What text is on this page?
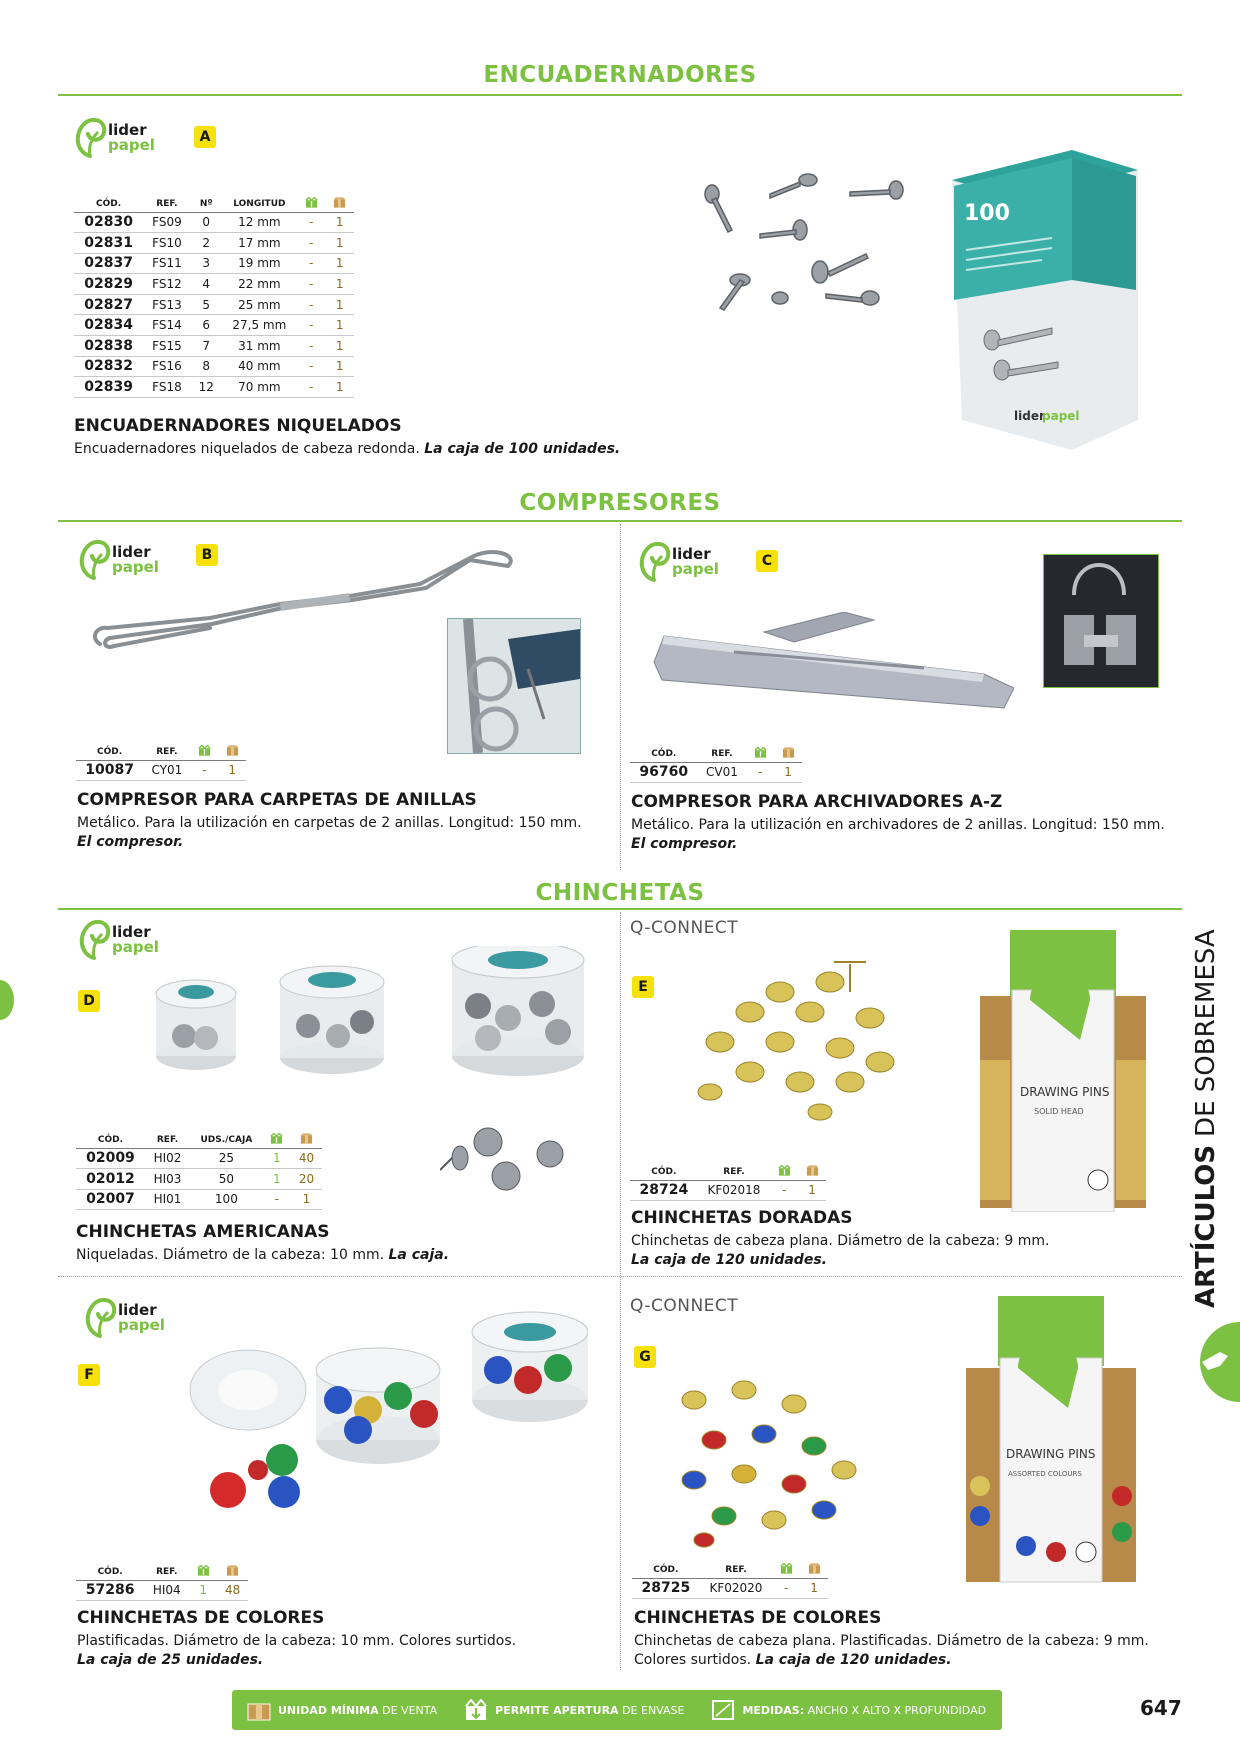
ENCUADERNADORES
lider
papel	A
CÓD.	REF.	Nº	LONGITUD		
02830	FS09	0	12 mm	-	1
02831	FS10	2	17 mm	-	1
02837	FS11	3	19 mm	-	1
02829	FS12	4	22 mm	-	1
02827	FS13	5	25 mm	-	1
02834	FS14	6	27,5 mm	-	1
02838	FS15	7	31 mm	-	1
02832	FS16	8	40 mm	-	1
02839	FS18	12	70 mm	-	1
100
lider
papel
ENCUADERNADORES NIQUELADOS
Encuadernadores niquelados de cabeza redonda. La caja de 100 unidades.
COMPRESORES
lider
papel
B
CÓD.	REF.		
10087	CY01	-	1
COMPRESOR PARA CARPETAS DE ANILLAS
Metálico. Para la utilización en carpetas de 2 anillas. Longitud: 150 mm.
El compresor.
lider
papel	C
CÓD.	REF.		
96760	CV01	-	1
COMPRESOR PARA ARCHIVADORES A-Z
Metálico. Para la utilización en archivadores de 2 anillas. Longitud: 150 mm.
El compresor.
CHINCHETAS
lider
papel
D
CÓD.	REF.	UDS./CAJA		
02009	HI02	25	1	40
02012	HI03	50	1	20
02007	HI01	100	-	1
CHINCHETAS AMERICANAS
Niqueladas. Diámetro de la cabeza: 10 mm. La caja.
Q-CONNECT
E
DRAWING PINS
SOLID HEAD
CÓD.	REF.		
28724	KF02018	-	1
CHINCHETAS DORADAS
Chinchetas de cabeza plana. Diámetro de la cabeza: 9 mm.
La caja de 120 unidades.
lider
papel
F
CÓD.	REF.		
57286	HI04	1	48
CHINCHETAS DE COLORES
Plastificadas. Diámetro de la cabeza: 10 mm. Colores surtidos.
La caja de 25 unidades.
Q-CONNECT
G
DRAWING PINS
ASSORTED COLOURS
CÓD.	REF.		
28725	KF02020	-	1
CHINCHETAS DE COLORES
Chinchetas de cabeza plana. Plastificadas. Diámetro de la cabeza: 9 mm. Colores surtidos. La caja de 120 unidades.
ARTÍCULOSDE SOBREMESA
UNIDAD MÍNIMA
DE VENTA	PERMITE APERTURA
DE ENVASE	MEDIDAS:
ANCHO X ALTO X PROFUNDIDAD	647
